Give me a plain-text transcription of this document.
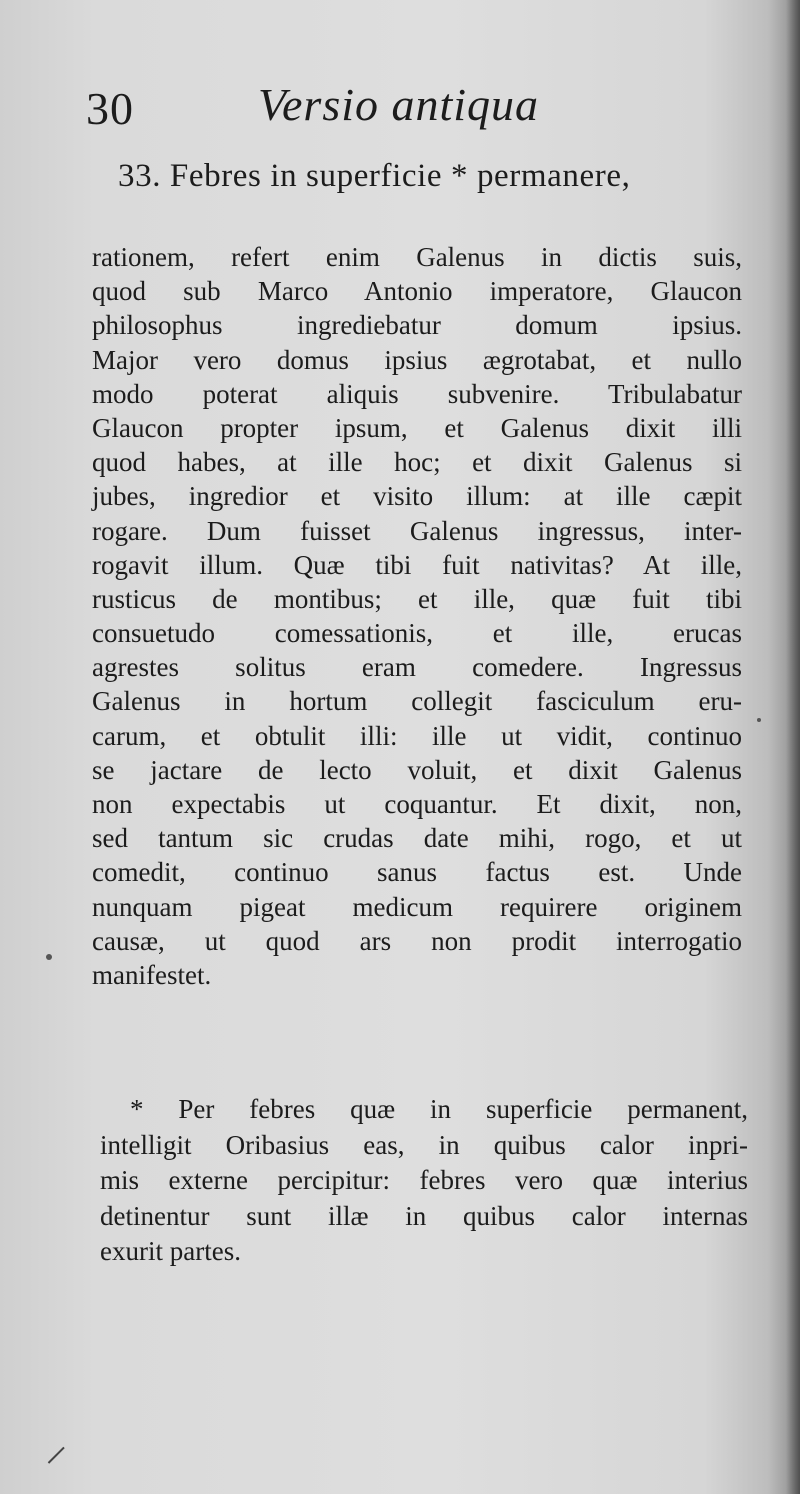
30	Versio antiqua
33. Febres in superficie * permanere,
rationem, refert enim Galenus in dictis suis,
quod sub Marco Antonio imperatore, Glaucon
philosophus ingrediebatur domum ipsius.
Major vero domus ipsius ægrotabat, et nullo
modo poterat aliquis subvenire. Tribulabatur
Glaucon propter ipsum, et Galenus dixit illi
quod habes, at ille hoc; et dixit Galenus si
jubes, ingredior et visito illum: at ille cæpit
rogare. Dum fuisset Galenus ingressus, inter-
rogavit illum. Quæ tibi fuit nativitas? At ille,
rusticus de montibus; et ille, quæ fuit tibi
consuetudo comessationis, et ille, erucas
agrestes solitus eram comedere. Ingressus
Galenus in hortum collegit fasciculum eru-
carum, et obtulit illi: ille ut vidit, continuo
se jactare de lecto voluit, et dixit Galenus
non expectabis ut coquantur. Et dixit, non,
sed tantum sic crudas date mihi, rogo, et ut
comedit, continuo sanus factus est. Unde
nunquam pigeat medicum requirere originem
causæ, ut quod ars non prodit interrogatio
manifestet.
* Per febres quæ in superficie permanent,
intelligit Oribasius eas, in quibus calor inpri-
mis externe percipitur: febres vero quæ interius
detinentur sunt illæ in quibus calor internas
exurit partes.
